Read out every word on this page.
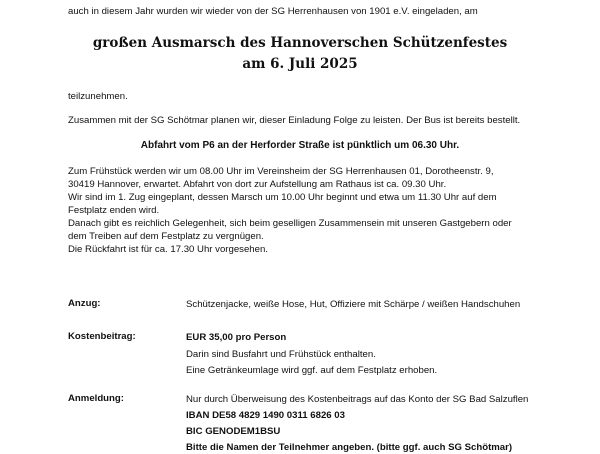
auch in diesem Jahr wurden wir wieder von der SG Herrenhausen von 1901 e.V. eingeladen, am
großen Ausmarsch des Hannoverschen Schützenfestes
am 6. Juli 2025
teilzunehmen.
Zusammen mit der SG Schötmar planen wir, dieser Einladung Folge zu leisten. Der Bus ist bereits bestellt.
Abfahrt vom P6 an der Herforder Straße ist pünktlich um 06.30 Uhr.
Zum Frühstück werden wir um 08.00 Uhr im Vereinsheim der SG Herrenhausen 01, Dorotheenstr. 9,
30419 Hannover, erwartet. Abfahrt von dort zur Aufstellung am Rathaus ist ca. 09.30 Uhr.
Wir sind im 1. Zug eingeplant, dessen Marsch um 10.00 Uhr beginnt und etwa um 11.30 Uhr auf dem
Festplatz enden wird.
Danach gibt es reichlich Gelegenheit, sich beim geselligen Zusammensein mit unseren Gastgebern oder
dem Treiben auf dem Festplatz zu vergnügen.
Die Rückfahrt ist für ca. 17.30 Uhr vorgesehen.
Anzug:	Schützenjacke, weiße Hose, Hut, Offiziere mit Schärpe / weißen Handschuhen
Kostenbeitrag:	EUR 35,00 pro Person
Darin sind Busfahrt und Frühstück enthalten.
Eine Getränkeumlage wird ggf. auf dem Festplatz erhoben.
Anmeldung:	Nur durch Überweisung des Kostenbeitrags auf das Konto der SG Bad Salzuflen
IBAN DE58 4829 1490 0311 6826 03
BIC GENODEM1BSU
Bitte die Namen der Teilnehmer angeben. (bitte ggf. auch SG Schötmar)
